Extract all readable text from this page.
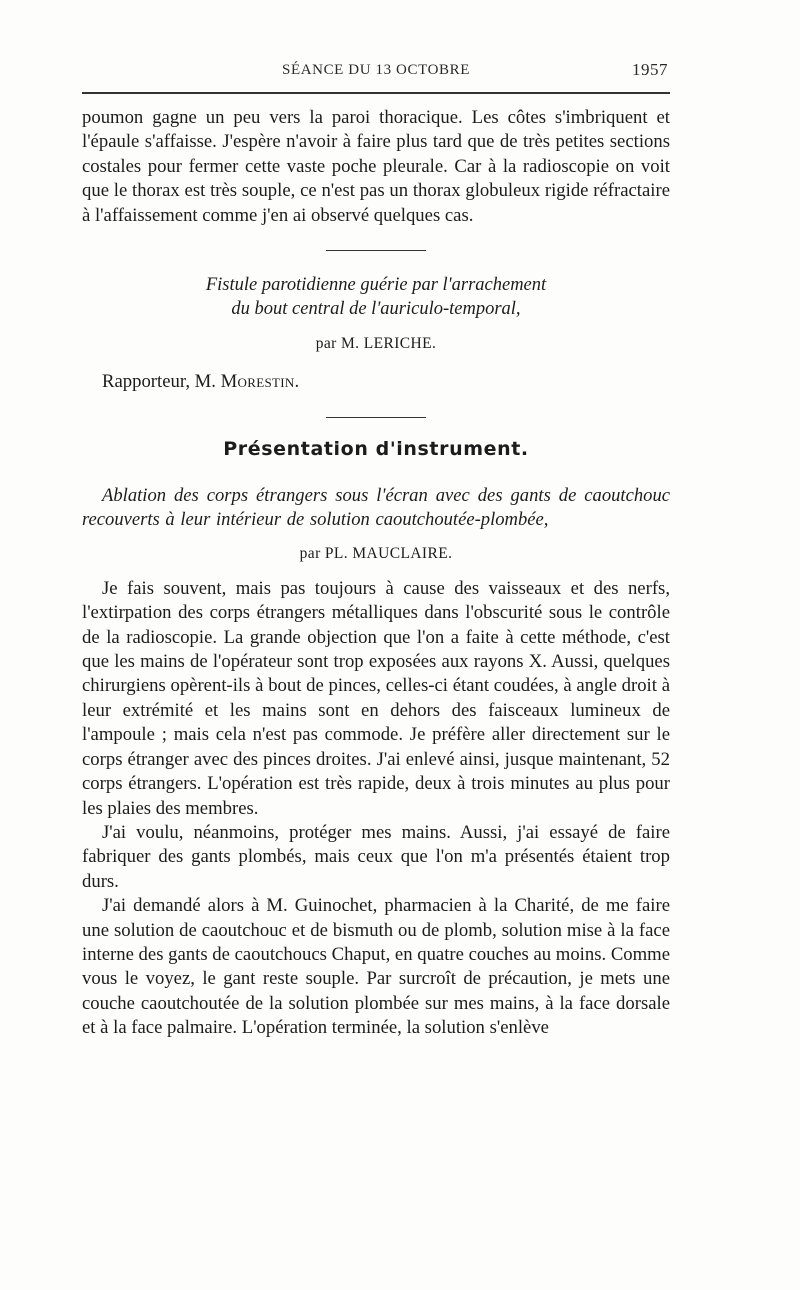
SÉANCE DU 13 OCTOBRE	1957

poumon gagne un peu vers la paroi thoracique. Les côtes s'imbriquent et l'épaule s'affaisse. J'espère n'avoir à faire plus tard que de très petites sections costales pour fermer cette vaste poche pleurale. Car à la radioscopie on voit que le thorax est très souple, ce n'est pas un thorax globuleux rigide réfractaire à l'affaissement comme j'en ai observé quelques cas.

Fistule parotidienne guérie par l'arrachement
du bout central de l'auriculo-temporal,
par M. LERICHE.
Rapporteur, M. Morestin.
Présentation d'instrument.

Ablation des corps étrangers sous l'écran avec des gants de caoutchouc recouverts à leur intérieur de solution caoutchoutée-plombée,

par PL. MAUCLAIRE.

Je fais souvent, mais pas toujours à cause des vaisseaux et des nerfs, l'extirpation des corps étrangers métalliques dans l'obscurité sous le contrôle de la radioscopie. La grande objection que l'on a faite à cette méthode, c'est que les mains de l'opérateur sont trop exposées aux rayons X. Aussi, quelques chirurgiens opèrent-ils à bout de pinces, celles-ci étant coudées, à angle droit à leur extrémité et les mains sont en dehors des faisceaux lumineux de l'ampoule ; mais cela n'est pas commode. Je préfère aller directement sur le corps étranger avec des pinces droites. J'ai enlevé ainsi, jusque maintenant, 52 corps étrangers. L'opération est très rapide, deux à trois minutes au plus pour les plaies des membres.

J'ai voulu, néanmoins, protéger mes mains. Aussi, j'ai essayé de faire fabriquer des gants plombés, mais ceux que l'on m'a présentés étaient trop durs.

J'ai demandé alors à M. Guinochet, pharmacien à la Charité, de me faire une solution de caoutchouc et de bismuth ou de plomb, solution mise à la face interne des gants de caoutchoucs Chaput, en quatre couches au moins. Comme vous le voyez, le gant reste souple. Par surcroît de précaution, je mets une couche caoutchoutée de la solution plombée sur mes mains, à la face dorsale et à la face palmaire. L'opération terminée, la solution s'enlève
